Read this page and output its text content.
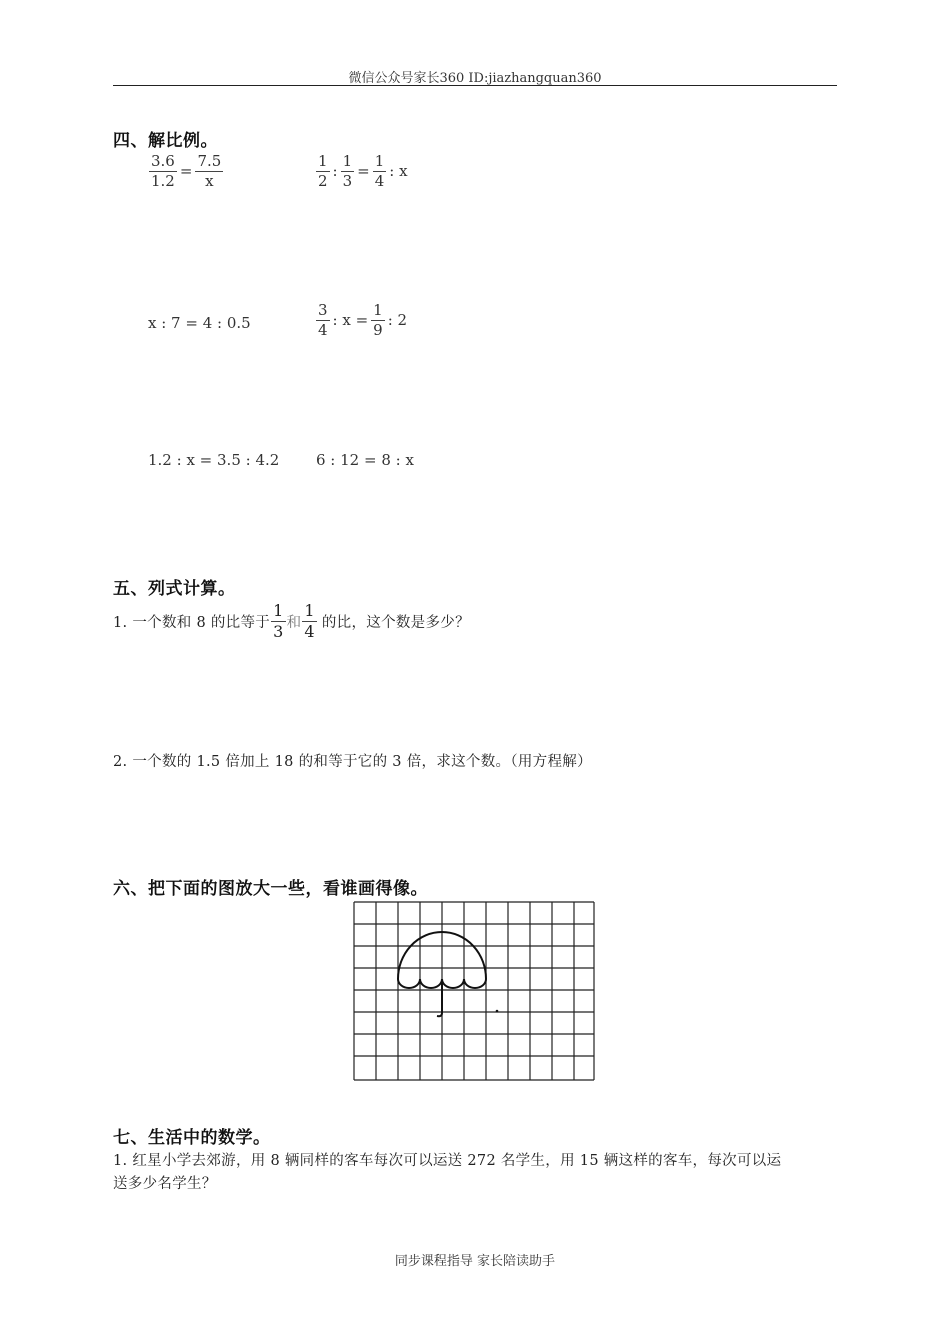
微信公众号家长360 ID:jiazhangquan360
四、解比例。
$\frac{3.6}{1.2} = \frac{7.5}{x}$	$\frac{1}{2}$ : $\frac{1}{3} = \frac{1}{4}$ : x
x : 7 = 4 : 0.5	$\frac{3}{4}$ : $x = \frac{1}{9}$ : 2
1.2 : x = 3.5 : 4.2 6 : 12 = 8 : x
五、列式计算。
1. 一个数和 8 的比等于 $\frac{1}{3}$ 和 $\frac{1}{4}$ 的比，这个数是多少？
2. 一个数的 1.5 倍加上 18 的和等于它的 3 倍，求这个数。（用方程解）
六、把下面的图放大一些，看谁画得像。
七、生活中的数学。
1. 红星小学去郊游，用 8 辆同样的客车每次可以运送 272 名学生，用 15 辆这样的客车，每次可以运
送多少名学生？
同步课程指导 家长陪读助手
